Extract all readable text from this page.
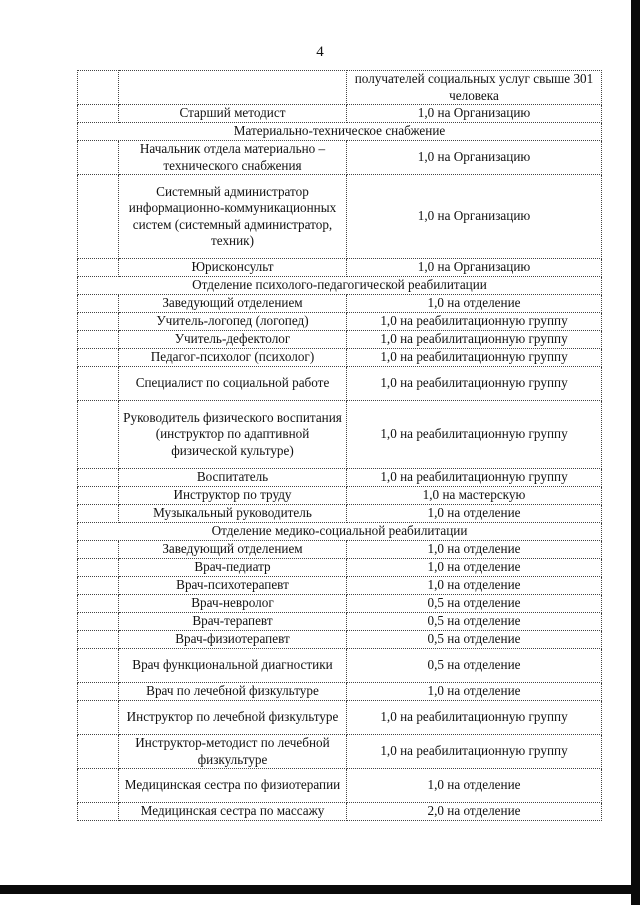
4
		получателей социальных услуг свыше 301 человека
	Старший методист	1,0 на Организацию
Материально-техническое снабжение		
	Начальник отдела материально – технического снабжения	1,0 на Организацию
	Системный администратор информационно-коммуникационных систем (системный администратор, техник)	1,0 на Организацию
	Юрисконсульт	1,0 на Организацию
Отделение психолого-педагогической реабилитации		
	Заведующий отделением	1,0 на отделение
	Учитель-логопед (логопед)	1,0 на реабилитационную группу
	Учитель-дефектолог	1,0 на реабилитационную группу
	Педагог-психолог (психолог)	1,0 на реабилитационную группу
	Специалист по социальной работе	1,0 на реабилитационную группу
	Руководитель физического воспитания (инструктор по адаптивной физической культуре)	1,0 на реабилитационную группу
	Воспитатель	1,0 на реабилитационную группу
	Инструктор по труду	1,0 на мастерскую
	Музыкальный руководитель	1,0 на отделение
Отделение медико-социальной реабилитации		
	Заведующий отделением	1,0 на отделение
	Врач-педиатр	1,0 на отделение
	Врач-психотерапевт	1,0 на отделение
	Врач-невролог	0,5 на отделение
	Врач-терапевт	0,5 на отделение
	Врач-физиотерапевт	0,5 на отделение
	Врач функциональной диагностики	0,5 на отделение
	Врач по лечебной физкультуре	1,0 на отделение
	Инструктор по лечебной физкультуре	1,0 на реабилитационную группу
	Инструктор-методист по лечебной физкультуре	1,0 на реабилитационную группу
	Медицинская сестра по физиотерапии	1,0 на отделение
	Медицинская сестра по массажу	2,0 на отделение
